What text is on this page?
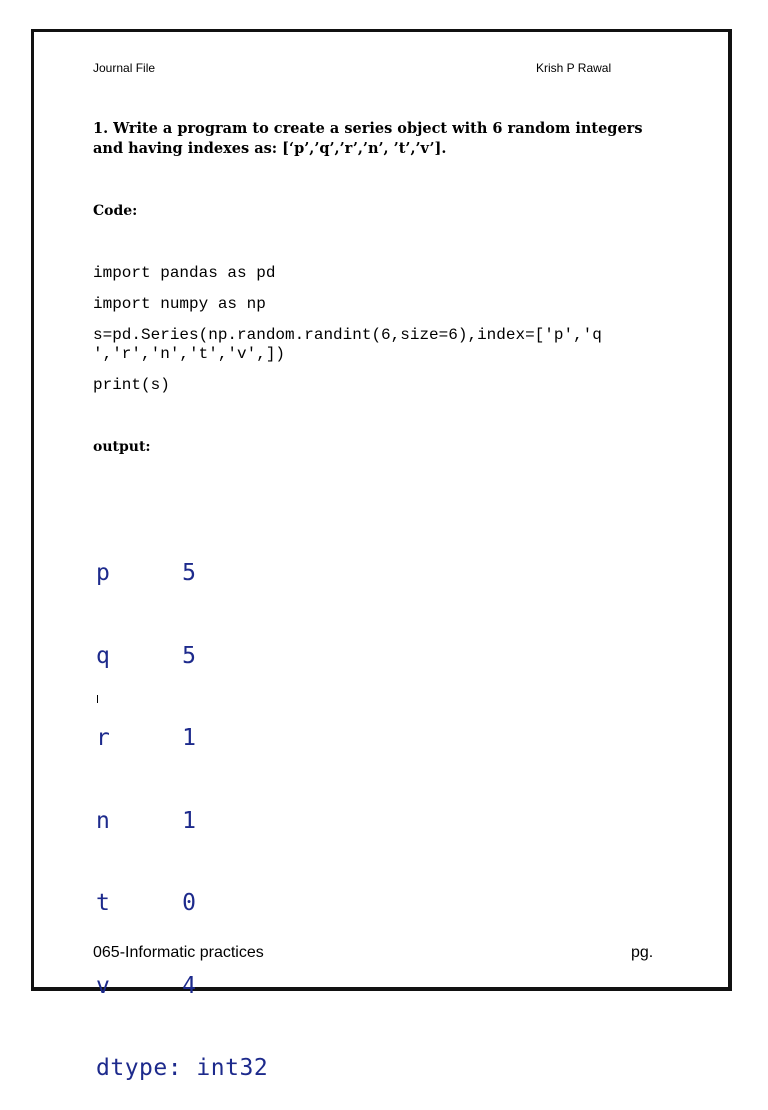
Journal File	Krish P Rawal
1. Write a program to create a series object with 6 random integers
and having indexes as: [‘p’,’q’,’r’,’n’, ’t’,’v’].
Code:
import pandas as pd
import numpy as np
s=pd.Series(np.random.randint(6,size=6),index=['p','q
','r','n','t','v',])
print(s)
output:

p     5

q     5

r     1

n     1

t     0

v     4

dtype: int32

065-Informatic practices	pg.
